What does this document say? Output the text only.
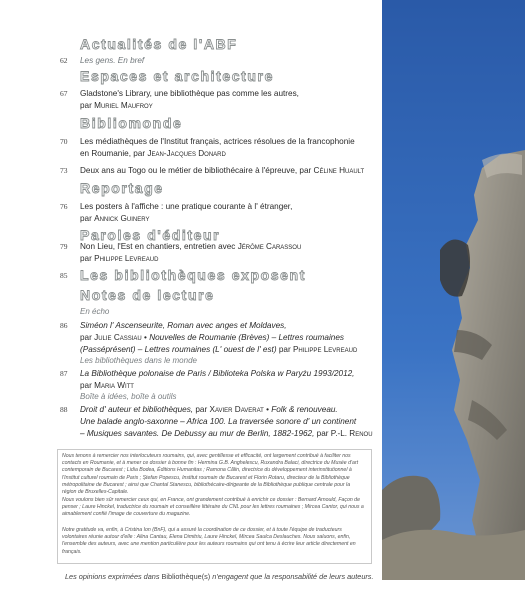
Actualités de l'ABF
62	Les gens. En bref
Espaces et architecture
67	Gladstone's Library, une bibliothèque pas comme les autres,
par Muriel Maufroy
Bibliomonde
70	Les médiathèques de l'Institut français, actrices résolues de la francophonie
en Roumanie, par Jean-Jacques Donard
73	Deux ans au Togo ou le métier de bibliothécaire à l'épreuve, par Céline Huault
Reportage
76	Les posters à l'affiche : une pratique courante à l' étranger,
par Annick Guinery
Paroles d'éditeur
79	Non Lieu, l'Est en chantiers, entretien avec Jérôme Carassou
par Philippe Levreaud
85 Les bibliothèques exposent
Notes de lecture
En écho
86	Siméon l' Ascenseurite, Roman avec anges et Moldaves,
par Julie Cassiau • Nouvelles de Roumanie (Brèves) – Lettres roumaines
(Passéprésent) – Lettres roumaines (L' ouest de l' est) par Philippe Levreaud
Les bibliothèques dans le monde
87	La Bibliothèque polonaise de Paris / Biblioteka Polska w Paryżu 1993/2012,
par Maria Witt
Boîte à idées, boîte à outils
88	Droit d' auteur et bibliothèques, par Xavier Daverat • Folk & renouveau.
Une balade anglo-saxonne – Africa 100. La traversée sonore d' un continent
– Musiques savantes. De Debussy au mur de Berlin, 1882-1962, par P.-L. Renou
Nous tenons à remercier nos interlocuteurs roumains, qui, avec gentillesse et efficacité, ont largement contribué à faciliter nos contacts en Roumanie, et à mener ce dossier à bonne fin : Hermina G.B. Anghelescu, Ruxandra Balaci, directrice du Musée d'art contemporain de Bucarest ; Lidia Bodea, Éditions Humanitas ; Ramona Călin, directrice du développement interinstitutionnel à l'Institut culturel roumain de Paris ; Ștefan Popescu, Institut roumain de Bucarest et Florin Rotaru, directeur de la Bibliothèque métropolitaine de Bucarest ; ainsi que Chantal Stanescu, bibliothécaire-dirigeante de la Bibliothèque publique centrale pour la région de Bruxelles-Capitale.
Nous voulons bien sûr remercier ceux qui, en France, ont grandement contribué à enrichir ce dossier : Bernard Arnould, Façon de penser ; Laure Hinckel, traductrice du roumain et conseillère littéraire du CNL pour les lettres roumaines ; Mircea Cantor, qui nous a aimablement confié l'image de couverture du magazine.
Notre gratitude va, enfin, à Cristina Ion (BnF), qui a assuré la coordination de ce dossier, et à toute l'équipe de traducteurs volontaires réunie autour d'elle : Alina Cantau, Elena Dimitriu, Laure Hinckel, Mircea Saulca Deslauches. Nous saluons, enfin, l'ensemble des auteurs, avec une mention particulière pour les auteurs roumains qui ont tenu à écrire leur article directement en français.
Les opinions exprimées dans Bibliothèque(s) n'engagent que la responsabilité de leurs auteurs.
